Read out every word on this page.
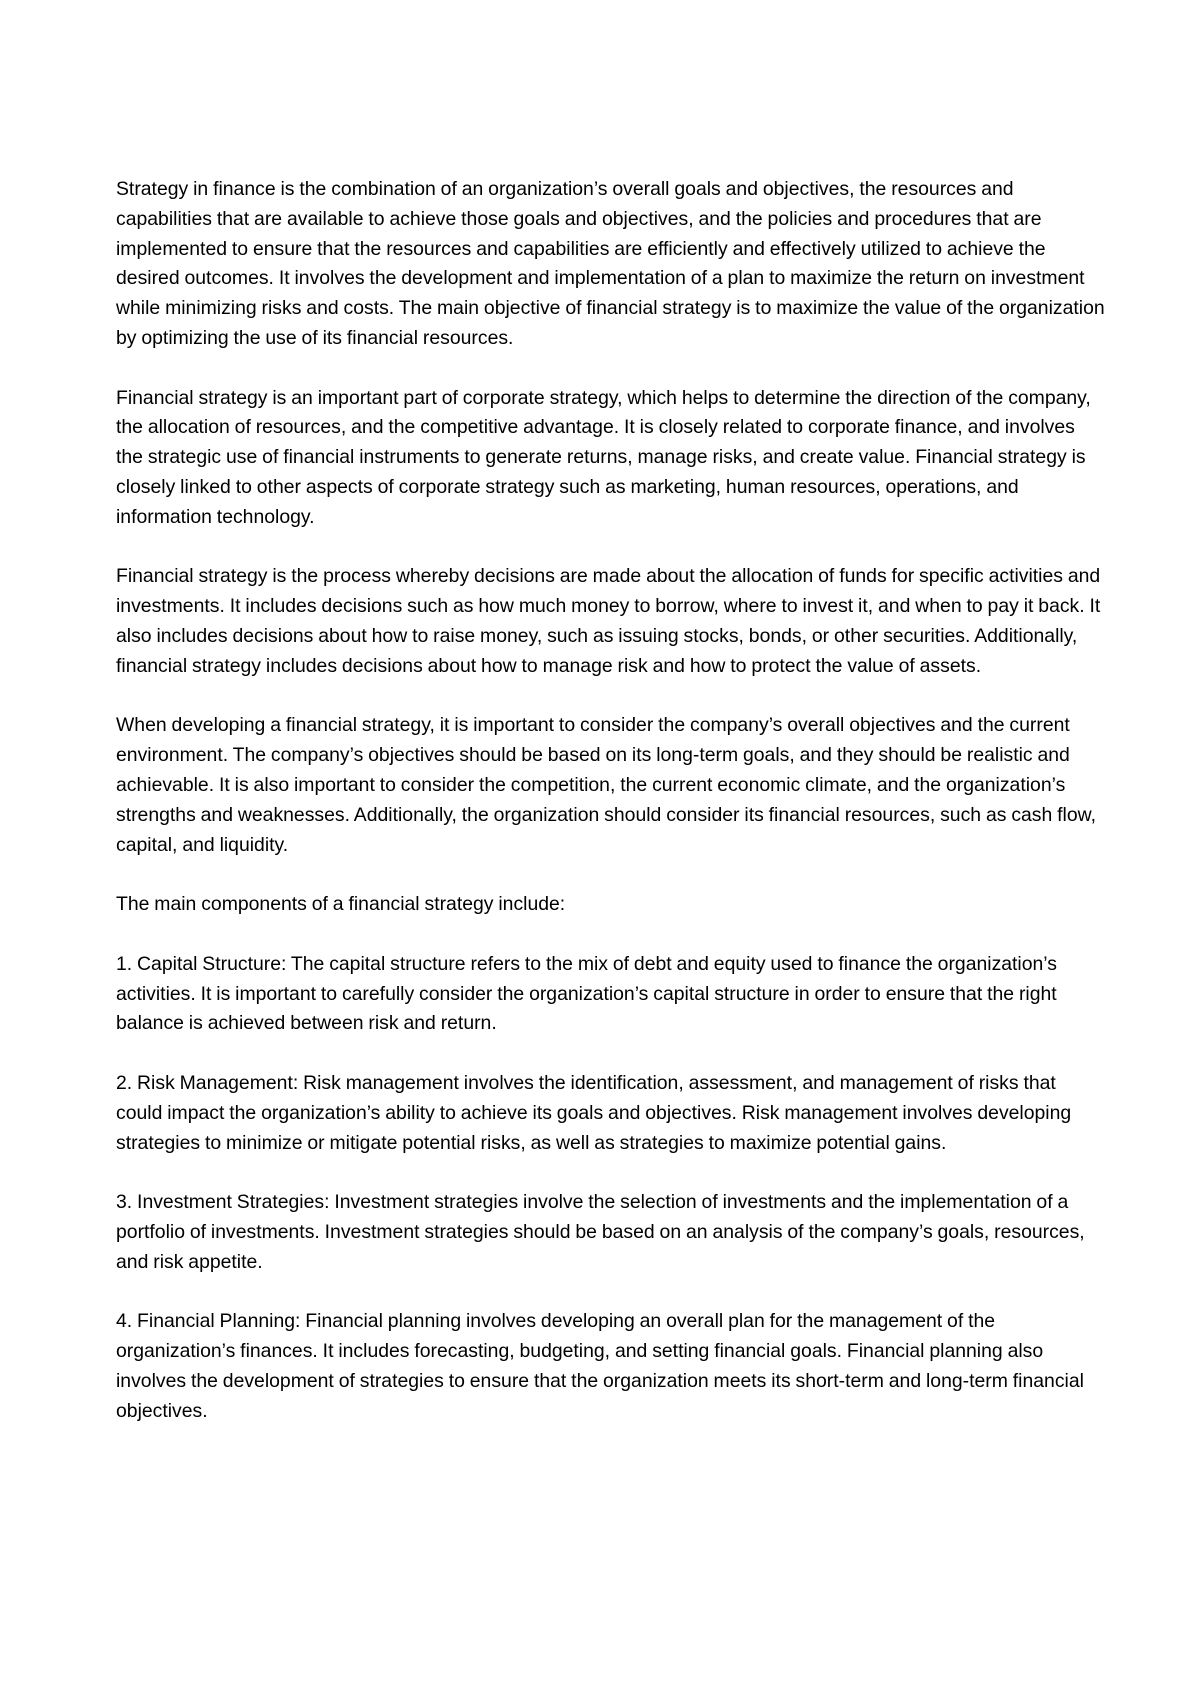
Strategy in finance is the combination of an organization’s overall goals and objectives, the resources and capabilities that are available to achieve those goals and objectives, and the policies and procedures that are implemented to ensure that the resources and capabilities are efficiently and effectively utilized to achieve the desired outcomes. It involves the development and implementation of a plan to maximize the return on investment while minimizing risks and costs. The main objective of financial strategy is to maximize the value of the organization by optimizing the use of its financial resources.

Financial strategy is an important part of corporate strategy, which helps to determine the direction of the company, the allocation of resources, and the competitive advantage. It is closely related to corporate finance, and involves the strategic use of financial instruments to generate returns, manage risks, and create value. Financial strategy is closely linked to other aspects of corporate strategy such as marketing, human resources, operations, and information technology.

Financial strategy is the process whereby decisions are made about the allocation of funds for specific activities and investments. It includes decisions such as how much money to borrow, where to invest it, and when to pay it back. It also includes decisions about how to raise money, such as issuing stocks, bonds, or other securities. Additionally, financial strategy includes decisions about how to manage risk and how to protect the value of assets.

When developing a financial strategy, it is important to consider the company’s overall objectives and the current environment. The company’s objectives should be based on its long-term goals, and they should be realistic and achievable. It is also important to consider the competition, the current economic climate, and the organization’s strengths and weaknesses. Additionally, the organization should consider its financial resources, such as cash flow, capital, and liquidity.

The main components of a financial strategy include:

1. Capital Structure: The capital structure refers to the mix of debt and equity used to finance the organization’s activities. It is important to carefully consider the organization’s capital structure in order to ensure that the right balance is achieved between risk and return.

2. Risk Management: Risk management involves the identification, assessment, and management of risks that could impact the organization’s ability to achieve its goals and objectives. Risk management involves developing strategies to minimize or mitigate potential risks, as well as strategies to maximize potential gains.

3. Investment Strategies: Investment strategies involve the selection of investments and the implementation of a portfolio of investments. Investment strategies should be based on an analysis of the company’s goals, resources, and risk appetite.

4. Financial Planning: Financial planning involves developing an overall plan for the management of the organization’s finances. It includes forecasting, budgeting, and setting financial goals. Financial planning also involves the development of strategies to ensure that the organization meets its short-term and long-term financial objectives.
